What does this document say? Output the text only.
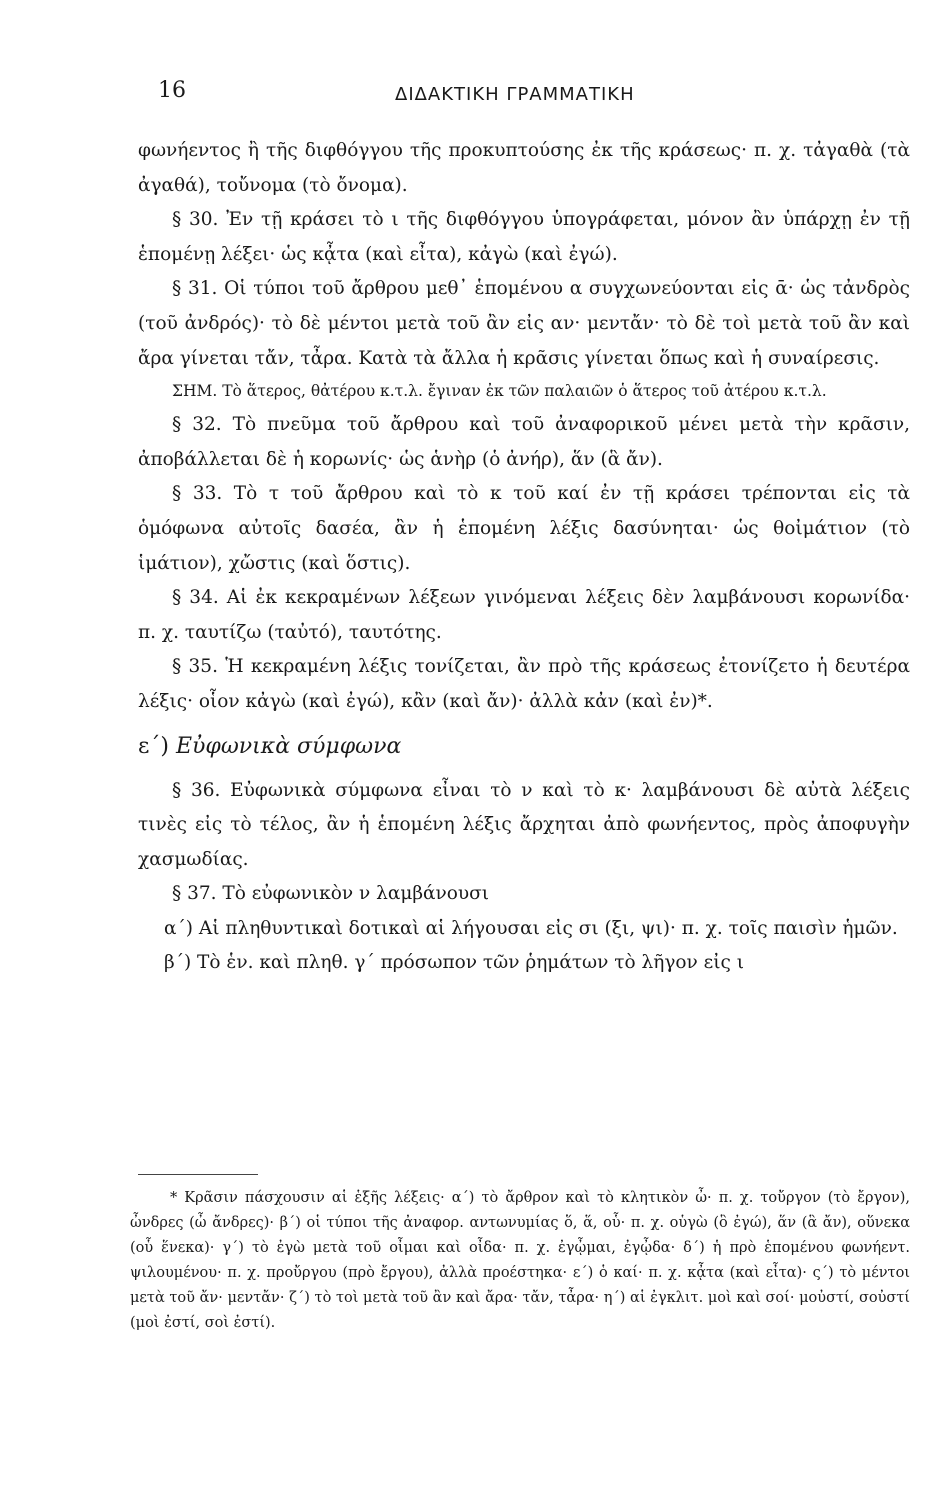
16	ΔΙΔΑΚΤΙΚΗ ΓΡΑΜΜΑΤΙΚΗ

φωνήεντος ἢ τῆς διφθόγγου τῆς προκυπτούσης ἐκ τῆς κράσεως· π. χ. τἀγαθὰ (τὰ ἀγαθά), τοὔνομα (τὸ ὄνομα).

§ 30. Ἐν τῇ κράσει τὸ ι τῆς διφθόγγου ὑπογράφεται, μόνον ἂν ὑπάρχῃ ἐν τῇ ἑπομένῃ λέξει· ὡς κᾆτα (καὶ εἶτα), κἀγὼ (καὶ ἐγώ).

§ 31. Οἱ τύποι τοῦ ἄρθρου μεθ᾽ ἑπομένου α συγχωνεύονται εἰς ᾱ· ὡς τἀνδρὸς (τοῦ ἀνδρός)· τὸ δὲ μέντοι μετὰ τοῦ ἂν εἰς αν· μεντἄν· τὸ δὲ τοὶ μετὰ τοῦ ἂν καὶ ἄρα γίνεται τἄν, τἆρα. Κατὰ τὰ ἄλλα ἡ κρᾶσις γίνεται ὅπως καὶ ἡ συναίρεσις.

ΣΗΜ. Τὸ ἅτερος, θἀτέρου κ.τ.λ. ἔγιναν ἐκ τῶν παλαιῶν ὁ ἅτερος τοῦ ἀτέρου κ.τ.λ.

§ 32. Τὸ πνεῦμα τοῦ ἄρθρου καὶ τοῦ ἀναφορικοῦ μένει μετὰ τὴν κρᾶσιν, ἀποβάλλεται δὲ ἡ κορωνίς· ὡς ἁνὴρ (ὁ ἀνήρ), ἅν (ἃ ἄν).

§ 33. Τὸ τ τοῦ ἄρθρου καὶ τὸ κ τοῦ καί ἐν τῇ κράσει τρέπονται εἰς τὰ ὁμόφωνα αὐτοῖς δασέα, ἂν ἡ ἑπομένη λέξις δασύνηται· ὡς θοἰμάτιον (τὸ ἱμάτιον), χὤστις (καὶ ὅστις).

§ 34. Αἱ ἐκ κεκραμένων λέξεων γινόμεναι λέξεις δὲν λαμβάνουσι κορωνίδα· π. χ. ταυτίζω (ταὐτό), ταυτότης.

§ 35. Ἡ κεκραμένη λέξις τονίζεται, ἂν πρὸ τῆς κράσεως ἐτονίζετο ἡ δευτέρα λέξις· οἷον κἀγὼ (καὶ ἐγώ), κἂν (καὶ ἄν)· ἀλλὰ κἀν (καὶ ἐν)*.

ε΄) Εὐφωνικὰ σύμφωνα

§ 36. Εὐφωνικὰ σύμφωνα εἶναι τὸ ν καὶ τὸ κ· λαμβάνουσι δὲ αὐτὰ λέξεις τινὲς εἰς τὸ τέλος, ἂν ἡ ἑπομένη λέξις ἄρχηται ἀπὸ φωνήεντος, πρὸς ἀποφυγὴν χασμωδίας.

§ 37. Τὸ εὐφωνικὸν ν λαμβάνουσι

α΄) Αἱ πληθυντικαὶ δοτικαὶ αἱ λήγουσαι εἰς σι (ξι, ψι)· π. χ. τοῖς παισὶν ἡμῶν.

β΄) Τὸ ἑν. καὶ πληθ. γ΄ πρόσωπον τῶν ῥημάτων τὸ λῆγον εἰς ι

* Κρᾶσιν πάσχουσιν αἱ ἑξῆς λέξεις· α΄) τὸ ἄρθρον καὶ τὸ κλητικὸν ὦ· π. χ. τοὔργον (τὸ ἔργον), ὦνδρες (ὦ ἄνδρες)· β΄) οἱ τύποι τῆς ἀναφορ. αντωνυμίας ὅ, ἅ, οὗ· π. χ. οὑγὼ (ὃ ἐγώ), ἅν (ἃ ἄν), οὕνεκα (οὗ ἕνεκα)· γ΄) τὸ ἐγὼ μετὰ τοῦ οἶμαι καὶ οἶδα· π. χ. ἐγᾦμαι, ἐγᾦδα· δ΄) ἡ πρὸ ἑπομένου φωνήεντ. ψιλουμένου· π. χ. προὔργου (πρὸ ἔργου), ἀλλὰ προέστηκα· ε΄) ὁ καί· π. χ. κᾆτα (καὶ εἶτα)· ς΄) τὸ μέντοι μετὰ τοῦ ἄν· μεντἄν· ζ΄) τὸ τοὶ μετὰ τοῦ ἂν καὶ ἄρα· τἄν, τἆρα· η΄) αἱ ἐγκλιτ. μοὶ καὶ σοί· μοὐστί, σοὐστί (μοὶ ἐστί, σοὶ ἐστί).
